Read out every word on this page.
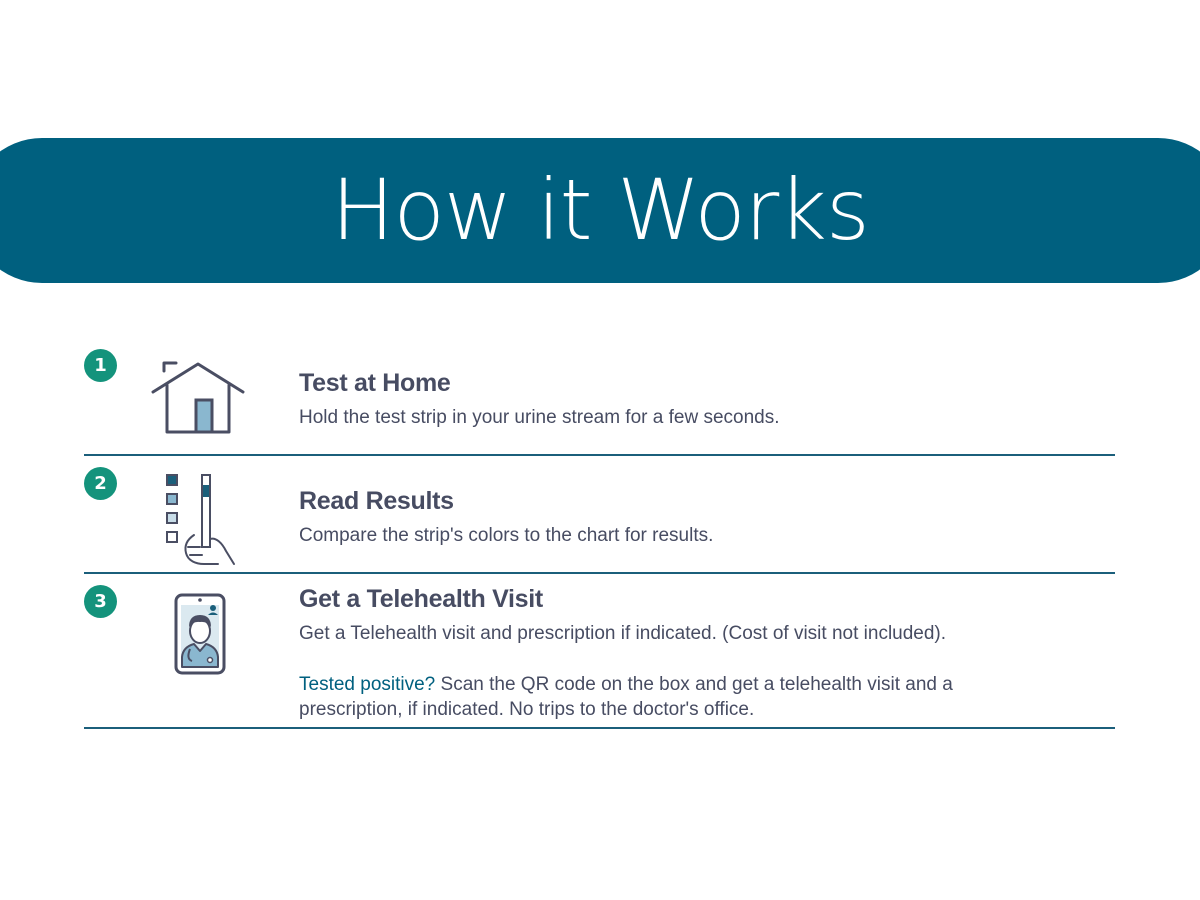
How it Works
1
Test at Home
Hold the test strip in your urine stream for a few seconds.
2
Read Results
Compare the strip's colors to the chart for results.
3	Get a Telehealth Visit
Get a Telehealth visit and prescription if indicated. (Cost of visit not included).
Tested positive? Scan the QR code on the box and get a telehealth visit and a prescription, if indicated. No trips to the doctor's office.
